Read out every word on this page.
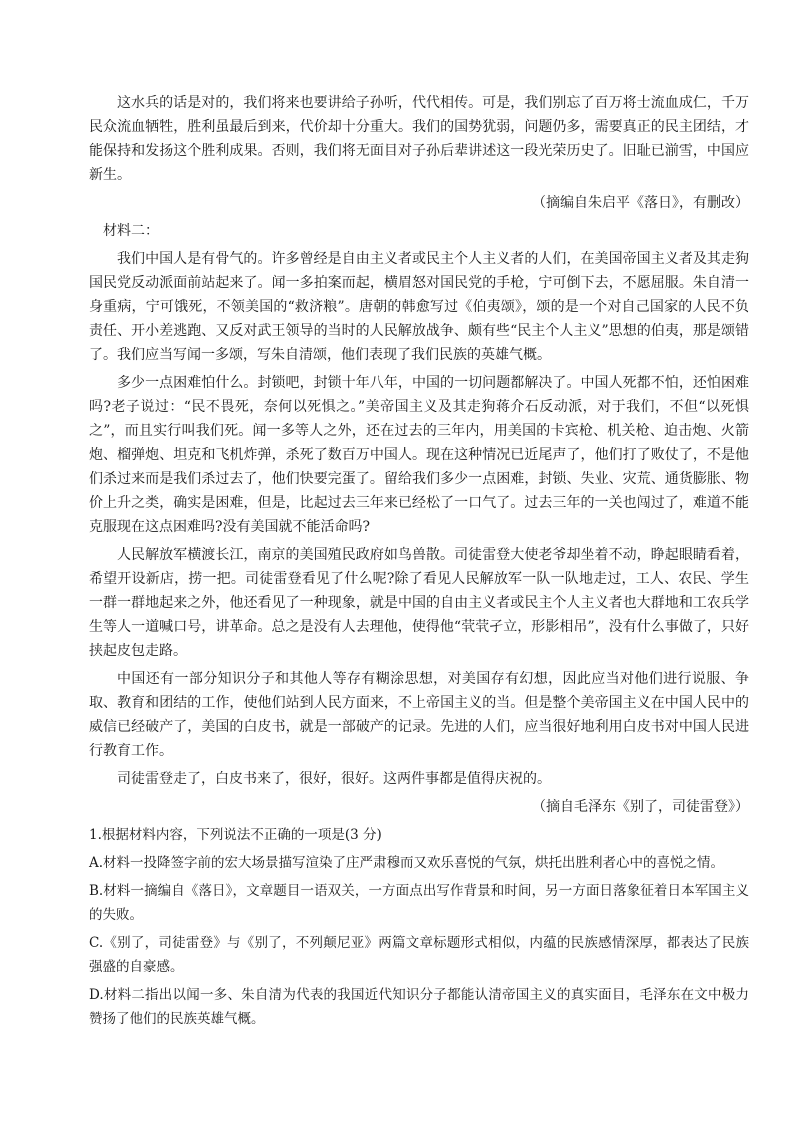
这水兵的话是对的，我们将来也要讲给子孙听，代代相传。可是，我们别忘了百万将士流血成仁，千万民众流血牺牲，胜利虽最后到来，代价却十分重大。我们的国势犹弱，问题仍多，需要真正的民主团结，才能保持和发扬这个胜利成果。否则，我们将无面目对子孙后辈讲述这一段光荣历史了。旧耻已湔雪，中国应新生。

（摘编自朱启平《落日》，有删改）

材料二：

我们中国人是有骨气的。许多曾经是自由主义者或民主个人主义者的人们，在美国帝国主义者及其走狗国民党反动派面前站起来了。闻一多拍案而起，横眉怒对国民党的手枪，宁可倒下去，不愿屈服。朱自清一身重病，宁可饿死，不领美国的“救济粮”。唐朝的韩愈写过《伯夷颂》，颂的是一个对自己国家的人民不负责任、开小差逃跑、又反对武王领导的当时的人民解放战争、颇有些“民主个人主义”思想的伯夷，那是颂错了。我们应当写闻一多颂，写朱自清颂，他们表现了我们民族的英雄气概。

多少一点困难怕什么。封锁吧，封锁十年八年，中国的一切问题都解决了。中国人死都不怕，还怕困难吗?老子说过：“民不畏死，奈何以死惧之。”美帝国主义及其走狗蒋介石反动派，对于我们，不但“以死惧之”，而且实行叫我们死。闻一多等人之外，还在过去的三年内，用美国的卡宾枪、机关枪、迫击炮、火箭炮、榴弹炮、坦克和飞机炸弹，杀死了数百万中国人。现在这种情况已近尾声了，他们打了败仗了，不是他们杀过来而是我们杀过去了，他们快要完蛋了。留给我们多少一点困难，封锁、失业、灾荒、通货膨胀、物价上升之类，确实是困难，但是，比起过去三年来已经松了一口气了。过去三年的一关也闯过了，难道不能克服现在这点困难吗?没有美国就不能活命吗?

人民解放军横渡长江，南京的美国殖民政府如鸟兽散。司徒雷登大使老爷却坐着不动，睁起眼睛看着，希望开设新店，捞一把。司徒雷登看见了什么呢?除了看见人民解放军一队一队地走过，工人、农民、学生一群一群地起来之外，他还看见了一种现象，就是中国的自由主义者或民主个人主义者也大群地和工农兵学生等人一道喊口号，讲革命。总之是没有人去理他，使得他“茕茕孑立，形影相吊”，没有什么事做了，只好挟起皮包走路。

中国还有一部分知识分子和其他人等存有糊涂思想，对美国存有幻想，因此应当对他们进行说服、争取、教育和团结的工作，使他们站到人民方面来，不上帝国主义的当。但是整个美帝国主义在中国人民中的威信已经破产了，美国的白皮书，就是一部破产的记录。先进的人们，应当很好地利用白皮书对中国人民进行教育工作。

司徒雷登走了，白皮书来了，很好，很好。这两件事都是值得庆祝的。

（摘自毛泽东《别了，司徒雷登》）

1.根据材料内容，下列说法不正确的一项是(3 分)

A.材料一投降签字前的宏大场景描写渲染了庄严肃穆而又欢乐喜悦的气氛，烘托出胜利者心中的喜悦之情。

B.材料一摘编自《落日》，文章题目一语双关，一方面点出写作背景和时间，另一方面日落象征着日本军国主义的失败。

C.《别了，司徒雷登》与《别了，不列颠尼亚》两篇文章标题形式相似，内蕴的民族感情深厚，都表达了民族强盛的自豪感。

D.材料二指出以闻一多、朱自清为代表的我国近代知识分子都能认清帝国主义的真实面目，毛泽东在文中极力赞扬了他们的民族英雄气概。
